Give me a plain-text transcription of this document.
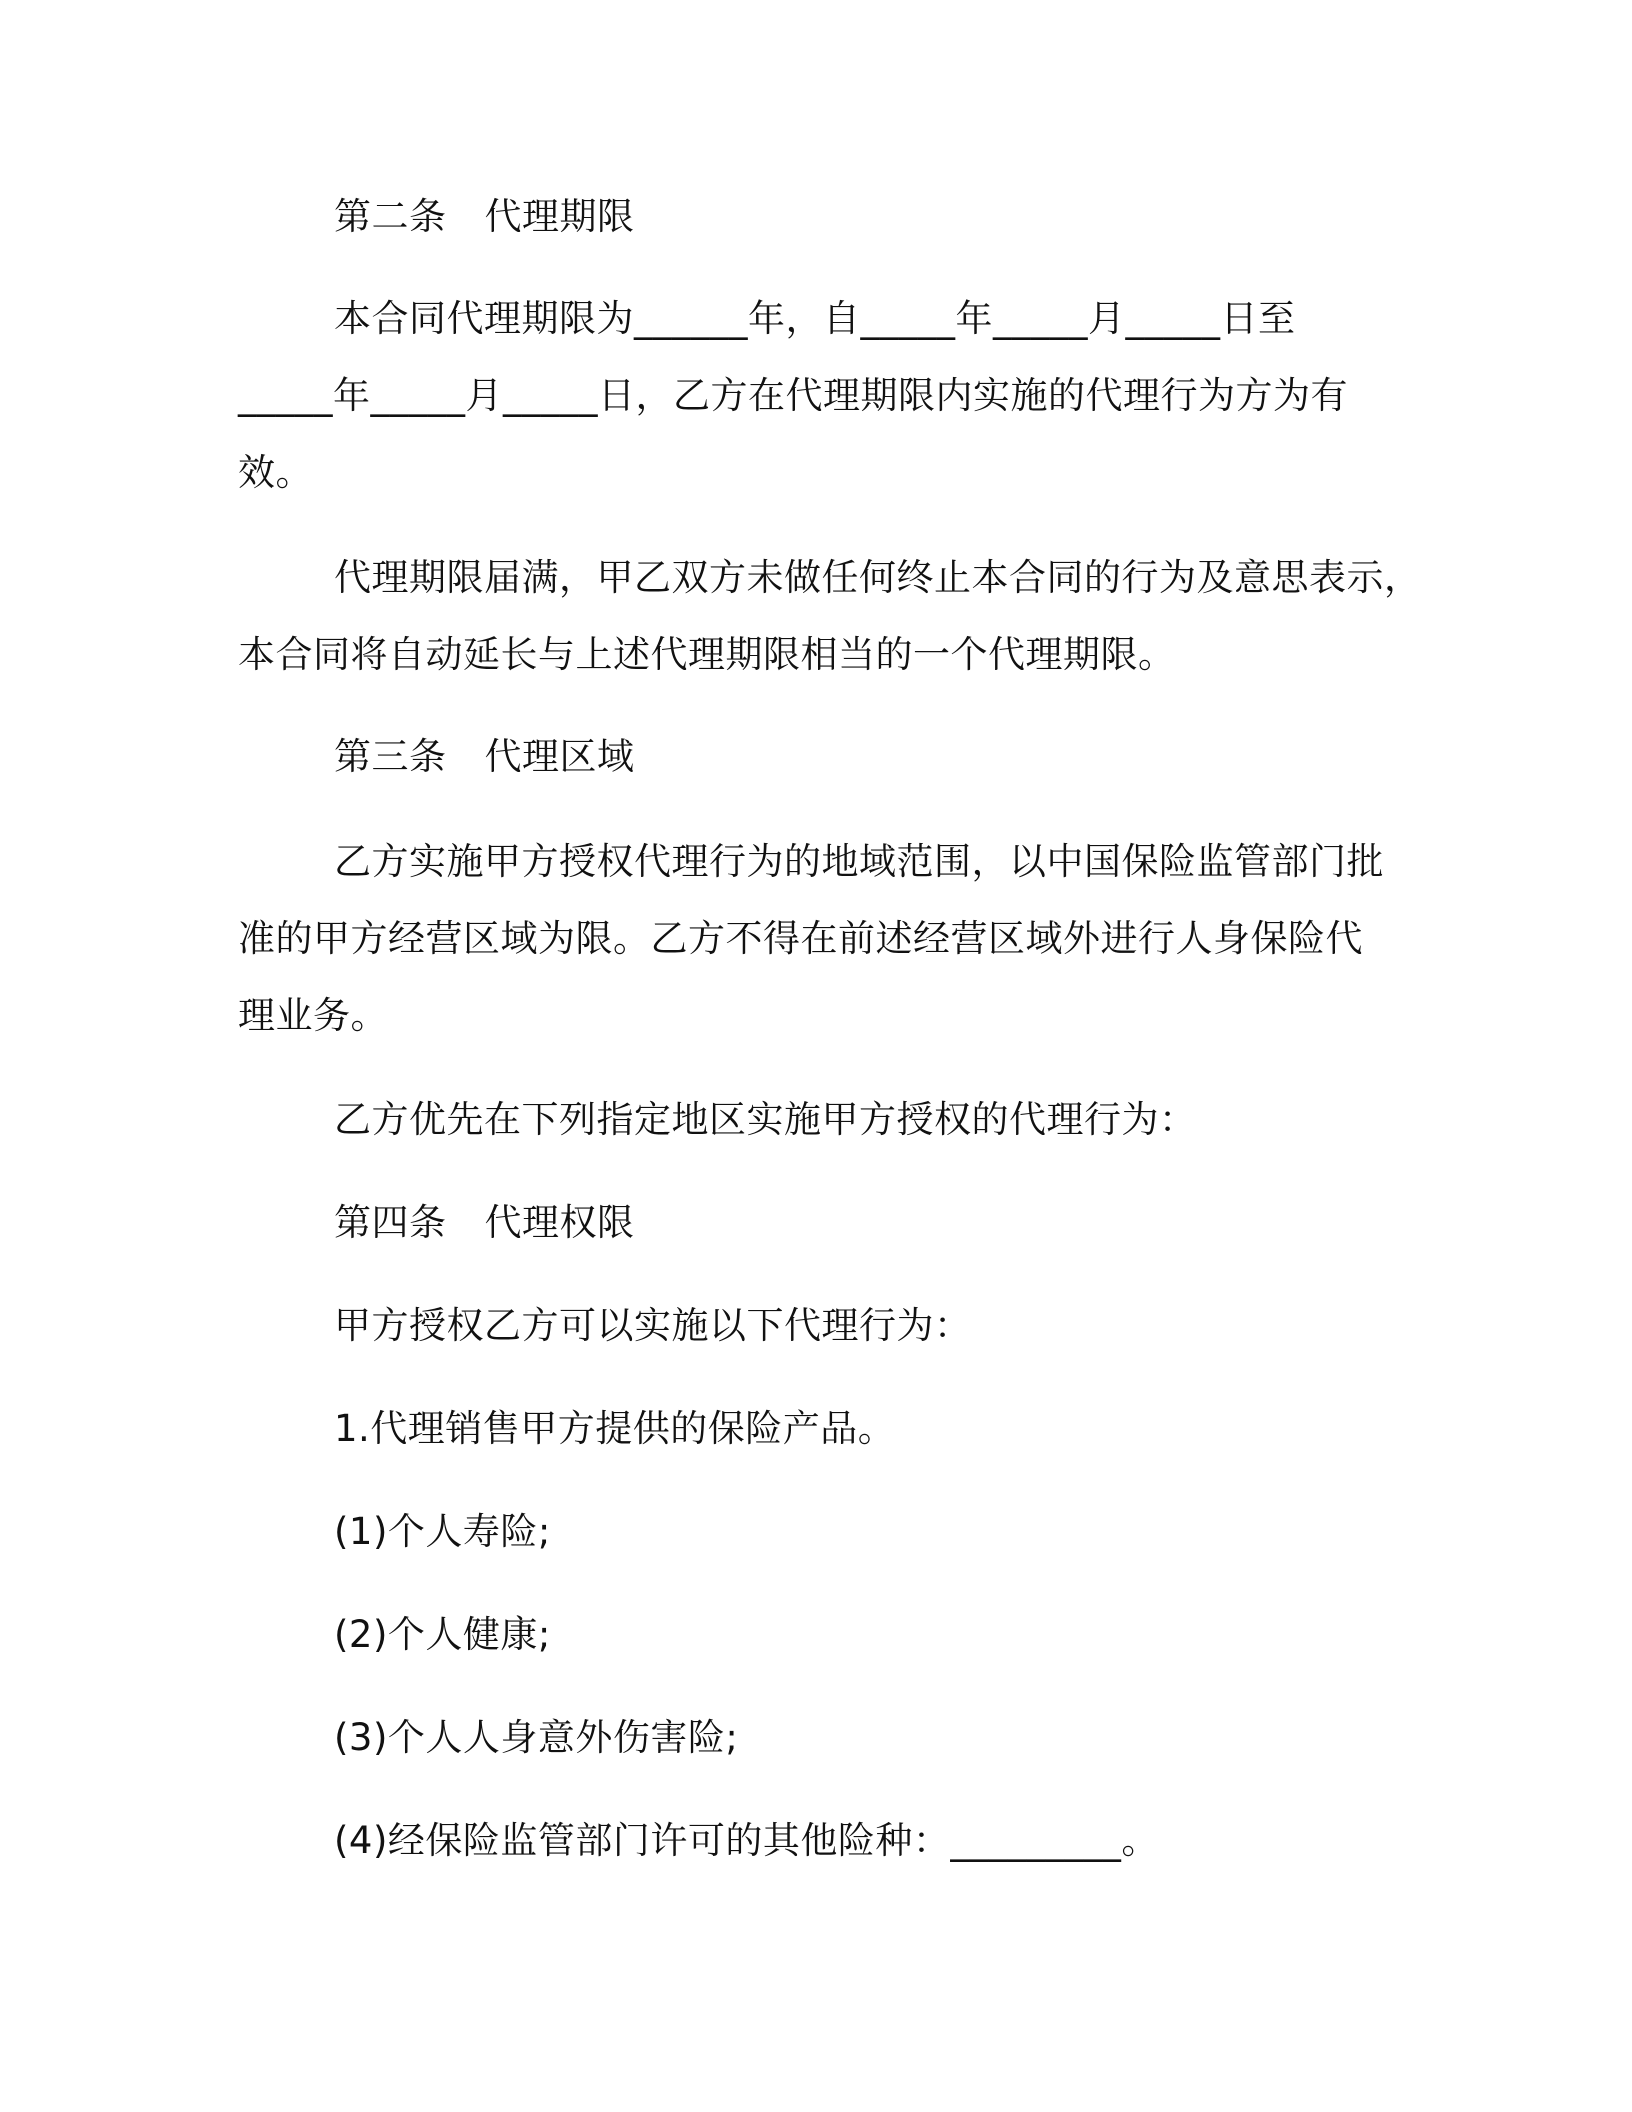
第二条 代理期限
本合同代理期限为______年，自_____年_____月_____日至
_____年_____月_____日，乙方在代理期限内实施的代理行为方为有
效。
代理期限届满，甲乙双方未做任何终止本合同的行为及意思表示，
本合同将自动延长与上述代理期限相当的一个代理期限。
第三条 代理区域
乙方实施甲方授权代理行为的地域范围，以中国保险监管部门批
准的甲方经营区域为限。乙方不得在前述经营区域外进行人身保险代
理业务。
乙方优先在下列指定地区实施甲方授权的代理行为：
第四条 代理权限
甲方授权乙方可以实施以下代理行为：
1.代理销售甲方提供的保险产品。
(1)个人寿险;
(2)个人健康;
(3)个人人身意外伤害险;
(4)经保险监管部门许可的其他险种：_________。
